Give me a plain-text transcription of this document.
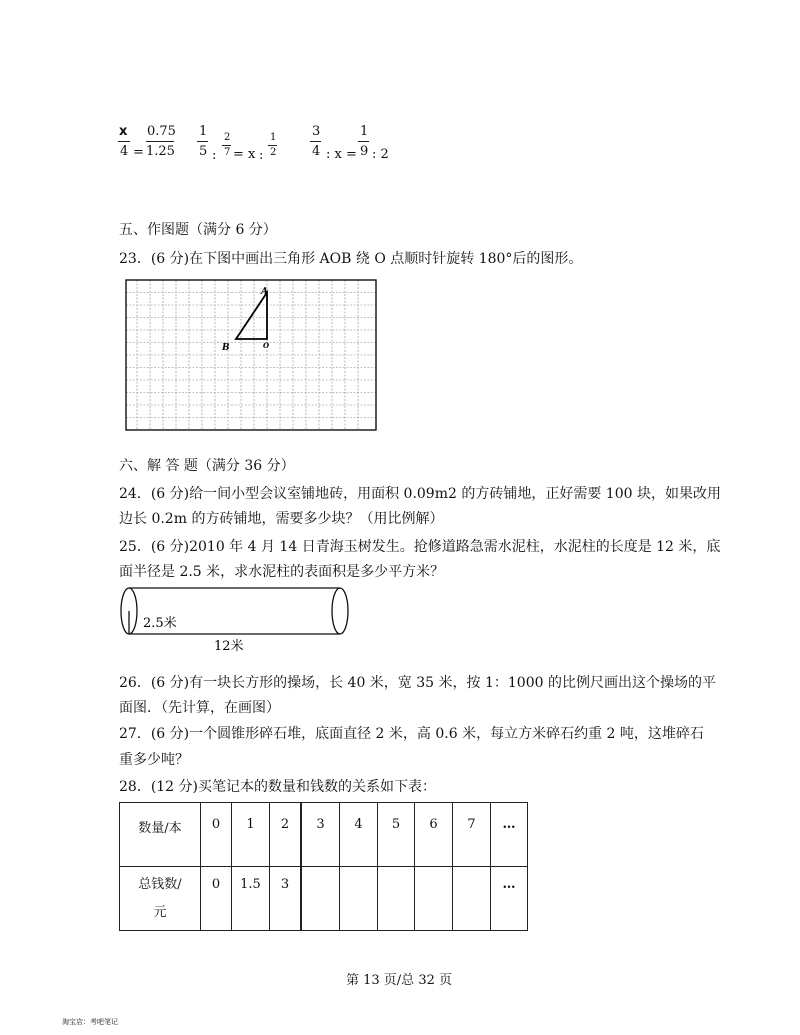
x
4 =
0.75
1.25
1
5 :
2
7 = x :
1
2
3
4 : x =
1
9 : 2
五、作图题（满分 6 分）
23．(6 分)在下图中画出三角形 AOB 绕 O 点顺时针旋转 180°后的图形。
A
B	O
六、解 答 题（满分 36 分）
24．(6 分)给一间小型会议室铺地砖，用面积 0.09m2 的方砖铺地，正好需要 100 块，如果改用
边长 0.2m 的方砖铺地，需要多少块？（用比例解）
25．(6 分)2010 年 4 月 14 日青海玉树发生。抢修道路急需水泥柱，水泥柱的长度是 12 米，底
面半径是 2.5 米，求水泥柱的表面积是多少平方米？
2.5米
12米
26．(6 分)有一块长方形的操场，长 40 米，宽 35 米，按 1：1000 的比例尺画出这个操场的平
面图．（先计算，在画图）
27．(6 分)一个圆锥形碎石堆，底面直径 2 米，高 0.6 米，每立方米碎石约重 2 吨，这堆碎石
重多少吨？
28．(12 分)买笔记本的数量和钱数的关系如下表：
数量/本	0	1	2	3	4	5	6	7	…
总钱数/
元	0	1.5	3						…
第 13 页/总 32 页
淘宝店：考吧笔记
